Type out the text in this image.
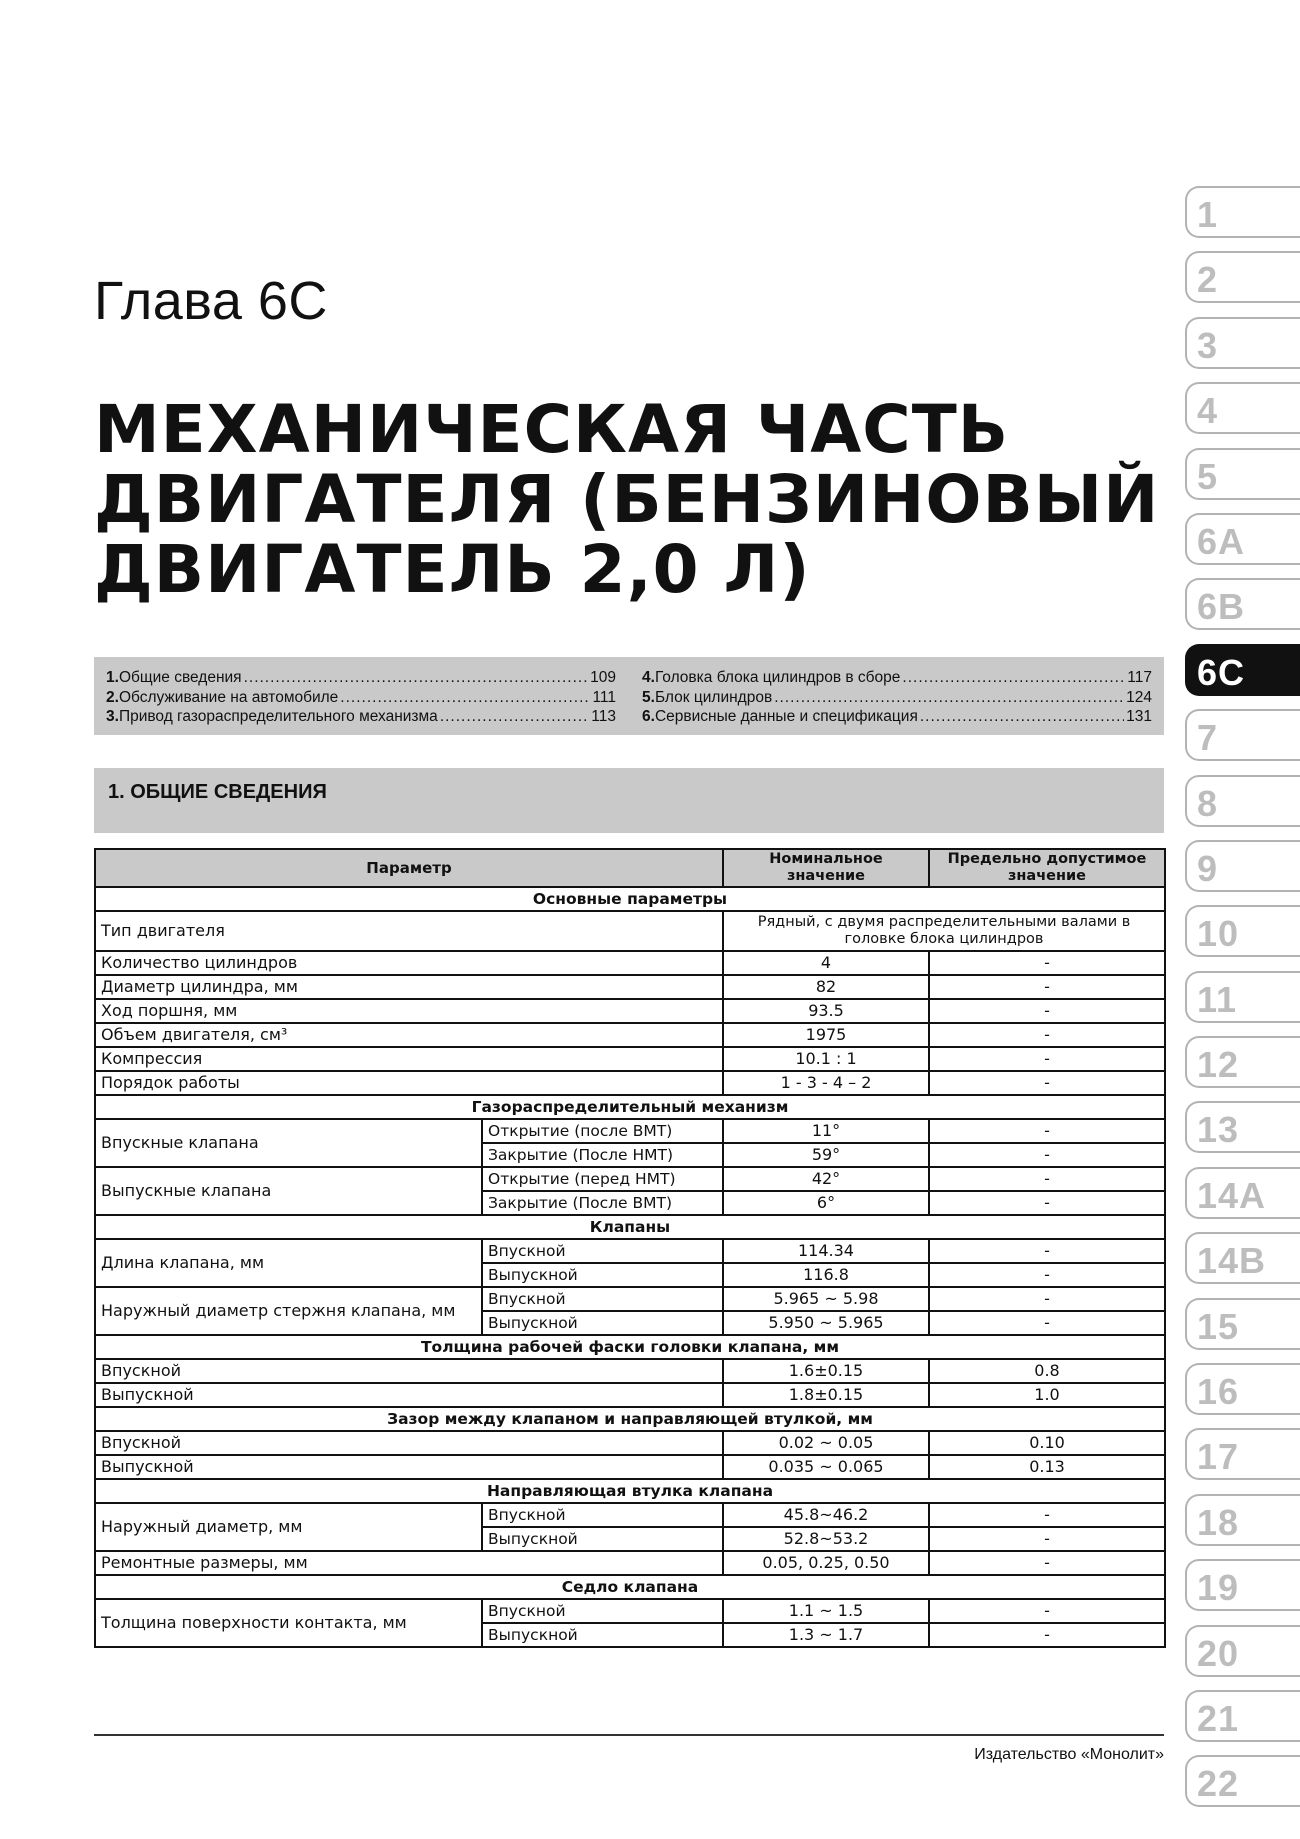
Глава 6С
МЕХАНИЧЕСКАЯ ЧАСТЬ
ДВИГАТЕЛЯ (БЕНЗИНОВЫЙ
ДВИГАТЕЛЬ 2,0 Л)
1. Общие сведения .....	109
2. Обслуживание на автомобиле .....	111
3. Привод газораспределительного механизма .....	113
4. Головка блока цилиндров в сборе .....	117
5. Блок цилиндров .....	124
6. Сервисные данные и спецификация .....	131
1. ОБЩИЕ СВЕДЕНИЯ
Параметр		Номинальное значение	Предельно допустимое значение
Основные параметры			
Тип двигателя		Рядный, с двумя распределительными валами в головке блока цилиндров	
Количество цилиндров		4	-
Диаметр цилиндра, мм		82	-
Ход поршня, мм		93.5	-
Объем двигателя, см³		1975	-
Компрессия		10.1 : 1	-
Порядок работы		1 - 3 - 4 – 2	-
Газораспределительный механизм			
Впускные клапана	Открытие (после ВМТ)	11°	-
	Закрытие (После НМТ)	59°	-
Выпускные клапана	Открытие (перед НМТ)	42°	-
	Закрытие (После ВМТ)	6°	-
Клапаны			
Длина клапана, мм	Впускной	114.34	-
	Выпускной	116.8	-
Наружный диаметр стержня клапана, мм	Впускной	5.965 ~ 5.98	-
	Выпускной	5.950 ~ 5.965	-
Толщина рабочей фаски головки клапана, мм			
Впускной		1.6±0.15	0.8
Выпускной		1.8±0.15	1.0
Зазор между клапаном и направляющей втулкой, мм			
Впускной		0.02 ~ 0.05	0.10
Выпускной		0.035 ~ 0.065	0.13
Направляющая втулка клапана			
Наружный диаметр, мм	Впускной	45.8~46.2	-
	Выпускной	52.8~53.2	-
Ремонтные размеры, мм		0.05, 0.25, 0.50	-
Седло клапана			
Толщина поверхности контакта, мм	Впускной	1.1 ~ 1.5	-
	Выпускной	1.3 ~ 1.7	-
1
2
3
4
5
6A
6B
6C
7
8
9
10
11
12
13
14A
14B
15
16
17
18
19
20
21
22
Издательство «Монолит»
